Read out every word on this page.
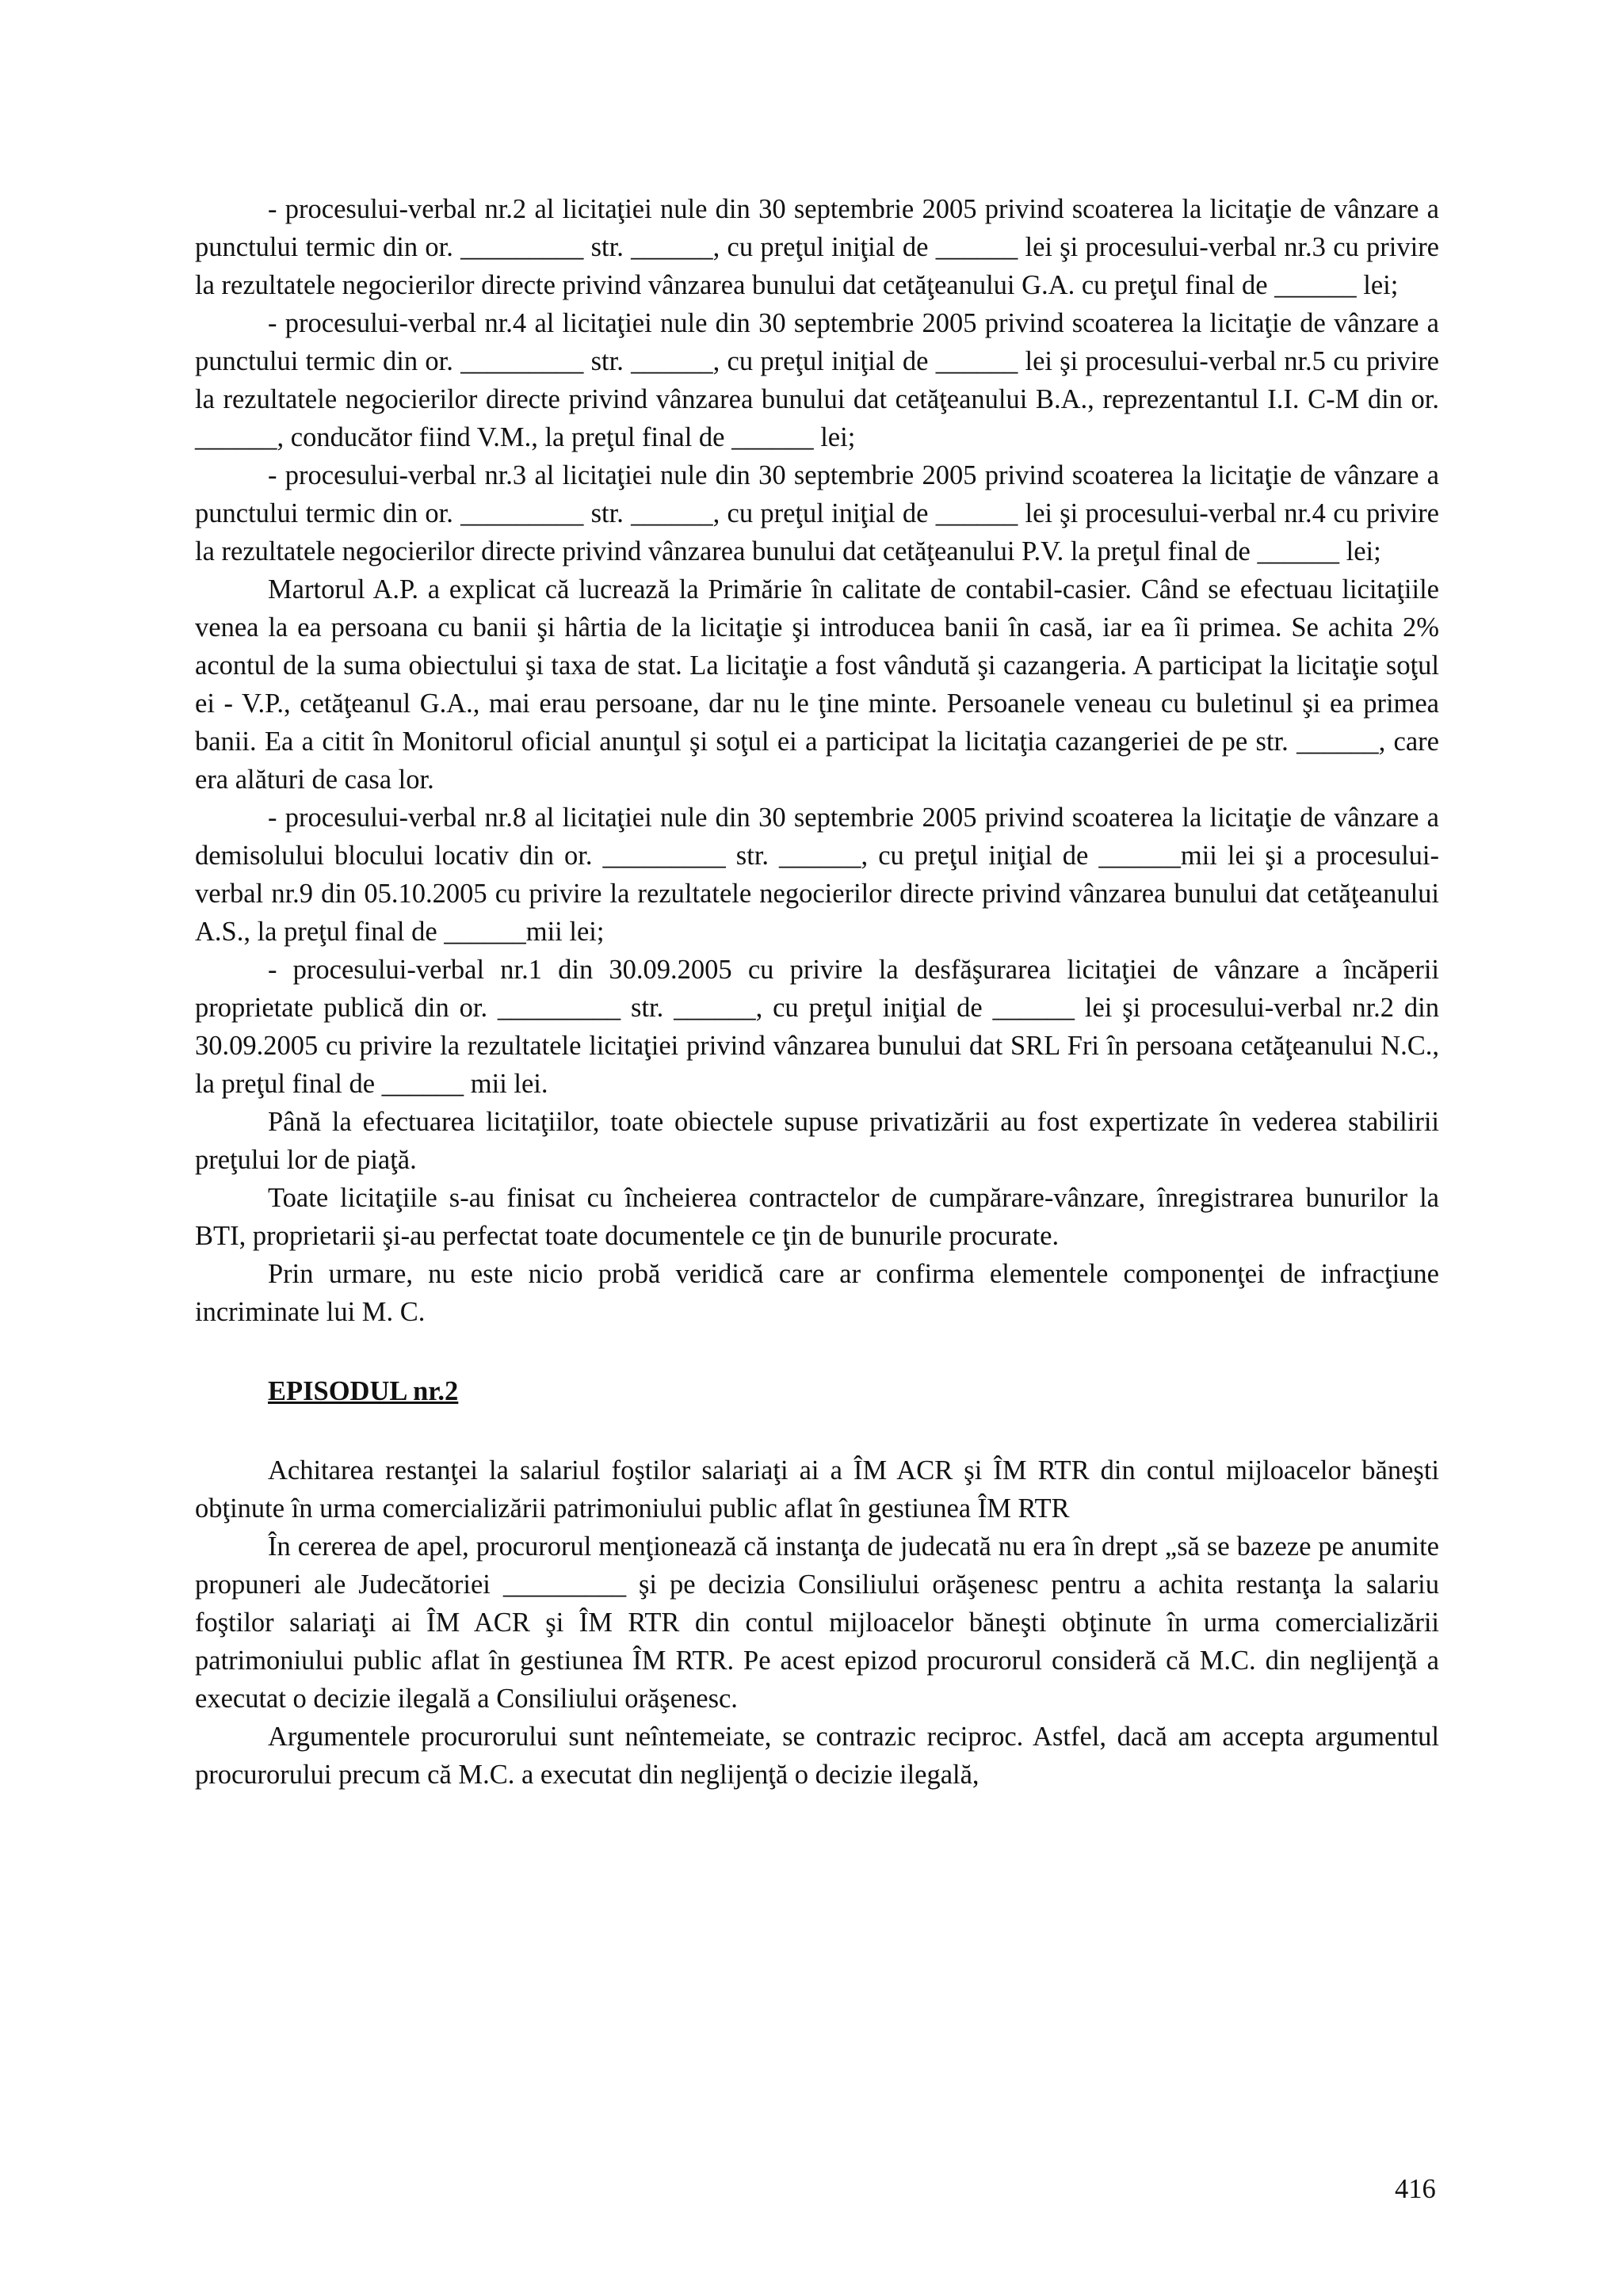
- procesului-verbal nr.2 al licitaţiei nule din 30 septembrie 2005 privind scoaterea la licitaţie de vânzare a punctului termic din or. _________ str. ______, cu preţul iniţial de ______ lei şi procesului-verbal nr.3 cu privire la rezultatele negocierilor directe privind vânzarea bunului dat cetăţeanului G.A. cu preţul final de ______ lei;

- procesului-verbal nr.4 al licitaţiei nule din 30 septembrie 2005 privind scoaterea la licitaţie de vânzare a punctului termic din or. _________ str. ______, cu preţul iniţial de ______ lei şi procesului-verbal nr.5 cu privire la rezultatele negocierilor directe privind vânzarea bunului dat cetăţeanului B.A., reprezentantul I.I. C-M din or. ______, conducător fiind V.M., la preţul final de ______ lei;

- procesului-verbal nr.3 al licitaţiei nule din 30 septembrie 2005 privind scoaterea la licitaţie de vânzare a punctului termic din or. _________ str. ______, cu preţul iniţial de ______ lei şi procesului-verbal nr.4 cu privire la rezultatele negocierilor directe privind vânzarea bunului dat cetăţeanului P.V. la preţul final de ______ lei;

Martorul A.P. a explicat că lucrează la Primărie în calitate de contabil-casier. Când se efectuau licitaţiile venea la ea persoana cu banii şi hârtia de la licitaţie şi introducea banii în casă, iar ea îi primea. Se achita 2% acontul de la suma obiectului şi taxa de stat. La licitaţie a fost vândută şi cazangeria. A participat la licitaţie soţul ei - V.P., cetăţeanul G.A., mai erau persoane, dar nu le ţine minte. Persoanele veneau cu buletinul şi ea primea banii. Ea a citit în Monitorul oficial anunţul şi soţul ei a participat la licitaţia cazangeriei de pe str. ______, care era alături de casa lor.

- procesului-verbal nr.8 al licitaţiei nule din 30 septembrie 2005 privind scoaterea la licitaţie de vânzare a demisolului blocului locativ din or. _________ str. ______, cu preţul iniţial de ______mii lei şi a procesului-verbal nr.9 din 05.10.2005 cu privire la rezultatele negocierilor directe privind vânzarea bunului dat cetăţeanului A.S., la preţul final de ______mii lei;

- procesului-verbal nr.1 din 30.09.2005 cu privire la desfăşurarea licitaţiei de vânzare a încăperii proprietate publică din or. _________ str. ______, cu preţul iniţial de ______ lei şi procesului-verbal nr.2 din 30.09.2005 cu privire la rezultatele licitaţiei privind vânzarea bunului dat SRL Fri în persoana cetăţeanului N.C., la preţul final de ______ mii lei.

Până la efectuarea licitaţiilor, toate obiectele supuse privatizării au fost expertizate în vederea stabilirii preţului lor de piaţă.

Toate licitaţiile s-au finisat cu încheierea contractelor de cumpărare-vânzare, înregistrarea bunurilor la BTI, proprietarii şi-au perfectat toate documentele ce ţin de bunurile procurate.

Prin urmare, nu este nicio probă veridică care ar confirma elementele componenţei de infracţiune incriminate lui M. C.

EPISODUL nr.2

Achitarea restanţei la salariul foştilor salariaţi ai a ÎM ACR şi ÎM RTR din contul mijloacelor băneşti obţinute în urma comercializării patrimoniului public aflat în gestiunea ÎM RTR

În cererea de apel, procurorul menţionează că instanţa de judecată nu era în drept „să se bazeze pe anumite propuneri ale Judecătoriei _________ şi pe decizia Consiliului orăşenesc pentru a achita restanţa la salariu foştilor salariaţi ai ÎM ACR şi ÎM RTR din contul mijloacelor băneşti obţinute în urma comercializării patrimoniului public aflat în gestiunea ÎM RTR. Pe acest epizod procurorul consideră că M.C. din neglijenţă a executat o decizie ilegală a Consiliului orăşenesc.

Argumentele procurorului sunt neîntemeiate, se contrazic reciproc. Astfel, dacă am accepta argumentul procurorului precum că M.C. a executat din neglijenţă o decizie ilegală,

416
